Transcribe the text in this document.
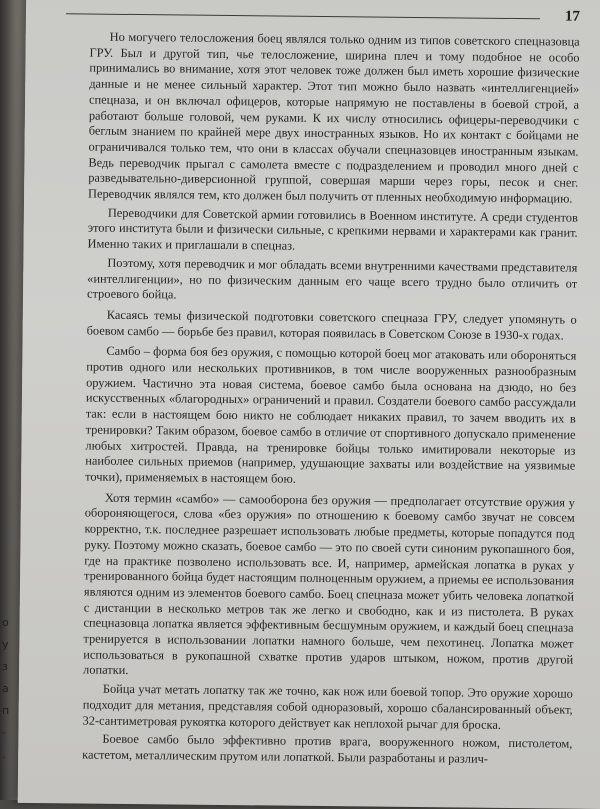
17

Но могучего телосложения боец являлся только одним из типов советского спецназовца ГРУ. Был и другой тип, чье телосложение, ширина плеч и тому подобное не особо принимались во внимание, хотя этот человек тоже должен был иметь хорошие физические данные и не менее сильный характер. Этот тип можно было назвать «интеллигенцией» спецназа, и он включал офицеров, которые напрямую не поставлены в боевой строй, а работают больше головой, чем руками. К их числу относились офицеры-переводчики с беглым знанием по крайней мере двух иностранных языков. Но их контакт с бойцами не ограничивался только тем, что они в классах обучали спецназовцев иностранным языкам. Ведь переводчик прыгал с самолета вместе с подразделением и проводил много дней с разведывательно-диверсионной группой, совершая марши через горы, песок и снег. Переводчик являлся тем, кто должен был получить от пленных необходимую информацию.

Переводчики для Советской армии готовились в Военном институте. А среди студентов этого института были и физически сильные, с крепкими нервами и характерами как гранит. Именно таких и приглашали в спецназ.

Поэтому, хотя переводчик и мог обладать всеми внутренними качествами представителя «интеллигенции», но по физическим данным его чаще всего трудно было отличить от строевого бойца.

Касаясь темы физической подготовки советского спецназа ГРУ, следует упомянуть о боевом самбо — борьбе без правил, которая появилась в Советском Союзе в 1930-х годах.

Самбо – форма боя без оружия, с помощью которой боец мог атаковать или обороняться против одного или нескольких противников, в том числе вооруженных разнообразным оружием. Частично эта новая система, боевое самбо была основана на дзюдо, но без искусственных «благородных» ограничений и правил. Создатели боевого самбо рассуждали так: если в настоящем бою никто не соблюдает никаких правил, то зачем вводить их в тренировки? Таким образом, боевое самбо в отличие от спортивного допускало применение любых хитростей. Правда, на тренировке бойцы только имитировали некоторые из наиболее сильных приемов (например, удушающие захваты или воздействие на уязвимые точки), применяемых в настоящем бою.

Хотя термин «самбо» — самооборона без оружия — предполагает отсутствие оружия у обороняющегося, слова «без оружия» по отношению к боевому самбо звучат не совсем корректно, т.к. последнее разрешает использовать любые предметы, которые попадутся под руку. Поэтому можно сказать, боевое самбо — это по своей сути синоним рукопашного боя, где на практике позволено использовать все. И, например, армейская лопатка в руках у тренированного бойца будет настоящим полноценным оружием, а приемы ее использования являются одним из элементов боевого самбо. Боец спецназа может убить человека лопаткой с дистанции в несколько метров так же легко и свободно, как и из пистолета. В руках спецназовца лопатка является эффективным бесшумным оружием, и каждый боец спецназа тренируется в использовании лопатки намного больше, чем пехотинец. Лопатка может использоваться в рукопашной схватке против ударов штыком, ножом, против другой лопатки.

Бойца учат метать лопатку так же точно, как нож или боевой топор. Это оружие хорошо подходит для метания, представляя собой одноразовый, хорошо сбалансированный объект, 32-сантиметровая рукоятка которого действует как неплохой рычаг для броска.

Боевое самбо было эффективно против врага, вооруженного ножом, пистолетом, кастетом, металлическим прутом или лопаткой. Были разработаны и различ-

о
у
з
а
п
-
.
